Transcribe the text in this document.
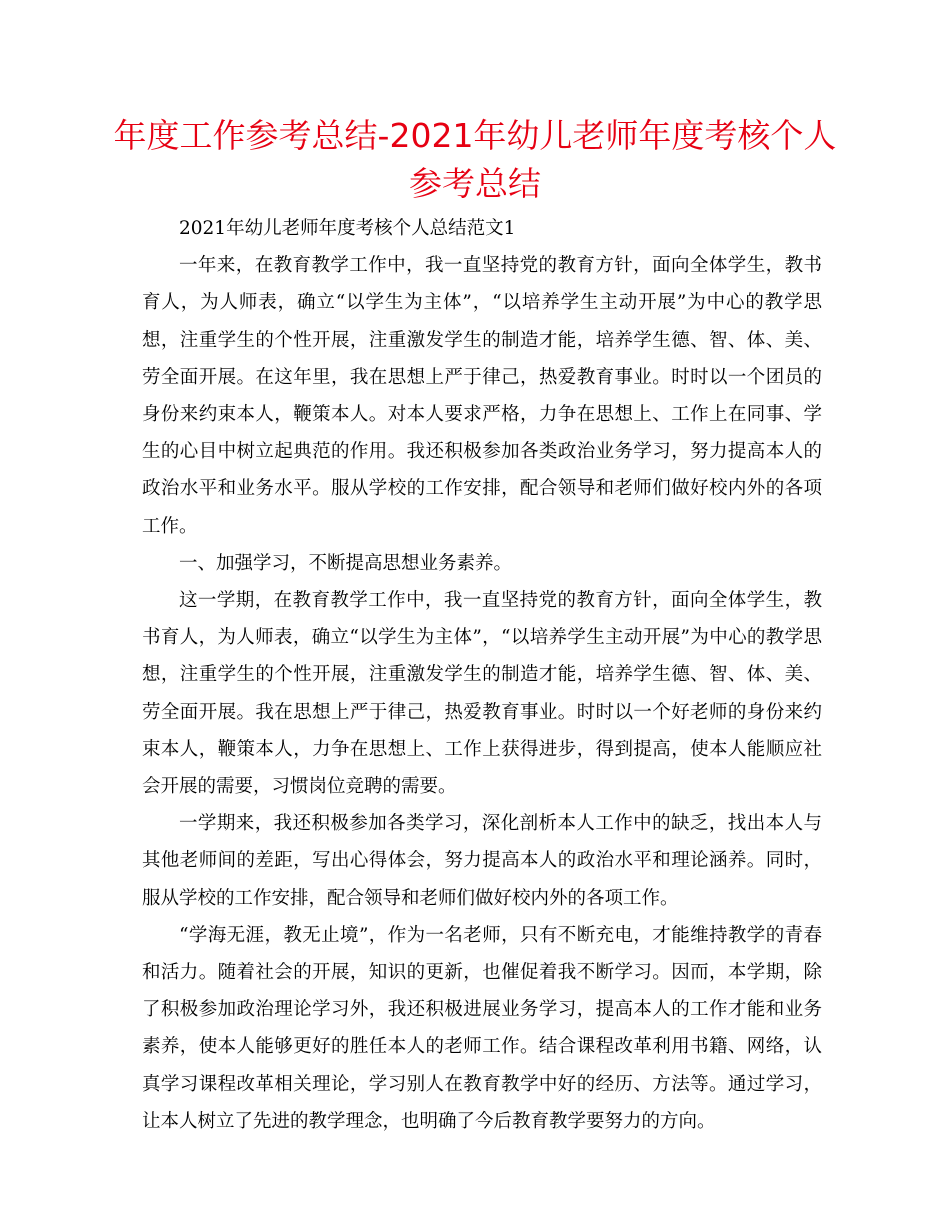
年度工作参考总结-2021年幼儿老师年度考核个人参考总结

2021年幼儿老师年度考核个人总结范文1

一年来，在教育教学工作中，我一直坚持党的教育方针，面向全体学生，教书育人，为人师表，确立“以学生为主体”，“以培养学生主动开展”为中心的教学思想，注重学生的个性开展，注重激发学生的制造才能，培养学生德、智、体、美、劳全面开展。在这年里，我在思想上严于律己，热爱教育事业。时时以一个团员的身份来约束本人，鞭策本人。对本人要求严格，力争在思想上、工作上在同事、学生的心目中树立起典范的作用。我还积极参加各类政治业务学习，努力提高本人的政治水平和业务水平。服从学校的工作安排，配合领导和老师们做好校内外的各项工作。

一、加强学习，不断提高思想业务素养。

这一学期，在教育教学工作中，我一直坚持党的教育方针，面向全体学生，教书育人，为人师表，确立“以学生为主体”，“以培养学生主动开展”为中心的教学思想，注重学生的个性开展，注重激发学生的制造才能，培养学生德、智、体、美、劳全面开展。我在思想上严于律己，热爱教育事业。时时以一个好老师的身份来约束本人，鞭策本人，力争在思想上、工作上获得进步，得到提高，使本人能顺应社会开展的需要，习惯岗位竞聘的需要。

一学期来，我还积极参加各类学习，深化剖析本人工作中的缺乏，找出本人与其他老师间的差距，写出心得体会，努力提高本人的政治水平和理论涵养。同时，服从学校的工作安排，配合领导和老师们做好校内外的各项工作。

“学海无涯，教无止境”，作为一名老师，只有不断充电，才能维持教学的青春和活力。随着社会的开展，知识的更新，也催促着我不断学习。因而，本学期，除了积极参加政治理论学习外，我还积极进展业务学习，提高本人的工作才能和业务素养，使本人能够更好的胜任本人的老师工作。结合课程改革利用书籍、网络，认真学习课程改革相关理论，学习别人在教育教学中好的经历、方法等。通过学习，让本人树立了先进的教学理念，也明确了今后教育教学要努力的方向。
